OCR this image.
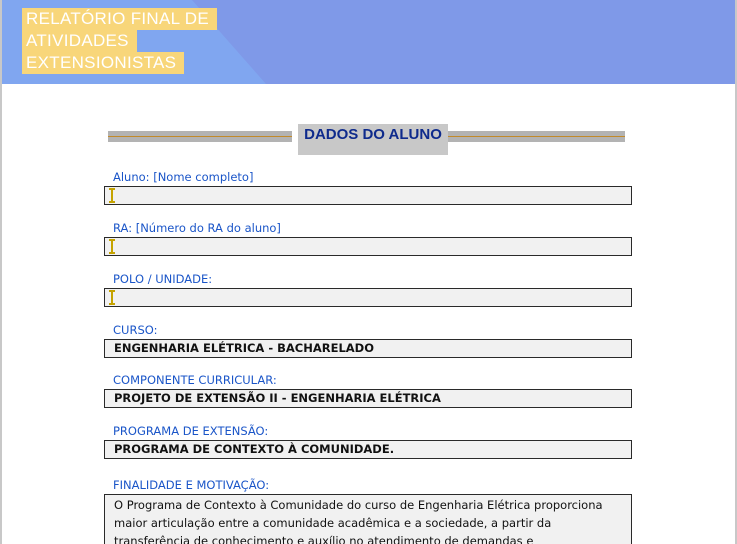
RELATÓRIO FINAL DE
ATIVIDADES
EXTENSIONISTAS
DADOS DO ALUNO
Aluno: [Nome completo]
RA: [Número do RA do aluno]
POLO / UNIDADE:
CURSO:
ENGENHARIA ELÉTRICA - BACHARELADO
COMPONENTE CURRICULAR:
PROJETO DE EXTENSÃO II - ENGENHARIA ELÉTRICA
PROGRAMA DE EXTENSÃO:
PROGRAMA DE CONTEXTO À COMUNIDADE.
FINALIDADE E MOTIVAÇÃO:
O Programa de Contexto à Comunidade do curso de Engenharia Elétrica proporciona
maior articulação entre a comunidade acadêmica e a sociedade, a partir da
transferência de conhecimento e auxílio no atendimento de demandas e
